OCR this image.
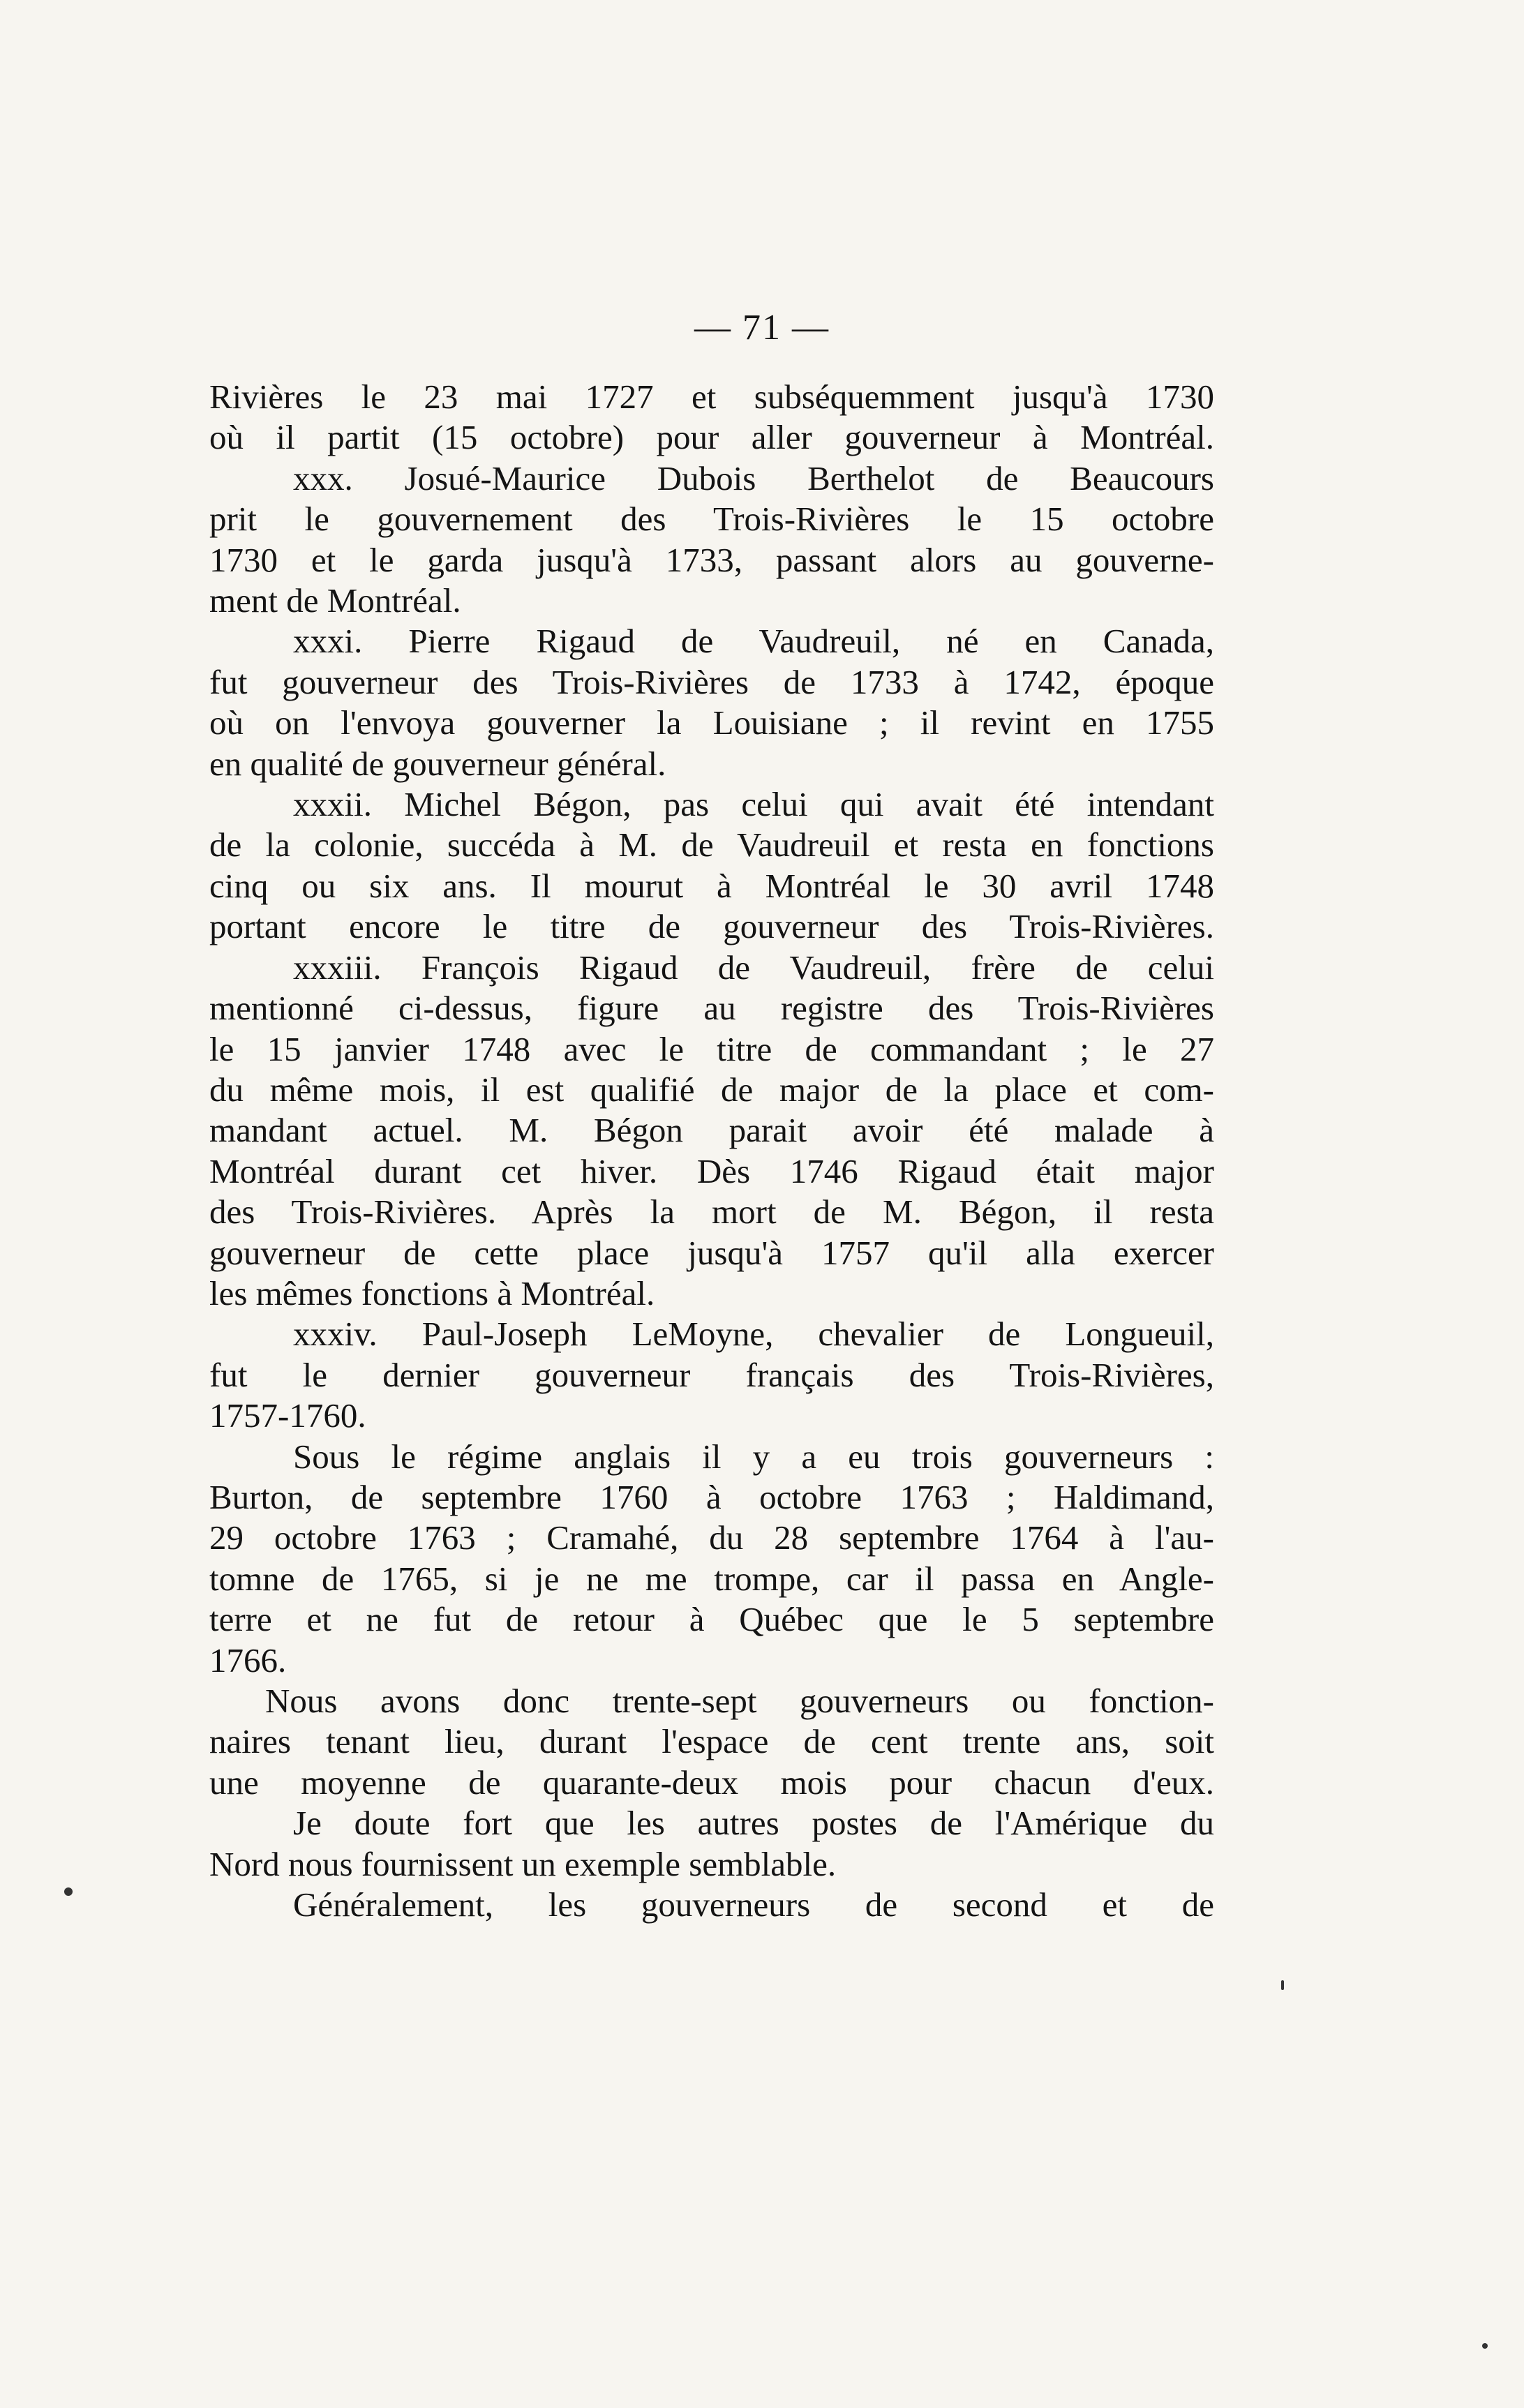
— 71 —
Rivières le 23 mai 1727 et subséquemment jusqu'à 1730
où il partit (15 octobre) pour aller gouverneur à Montréal.
xxx. Josué-Maurice Dubois Berthelot de Beaucours
prit le gouvernement des Trois-Rivières le 15 octobre
1730 et le garda jusqu'à 1733, passant alors au gouverne-
ment de Montréal.
xxxi. Pierre Rigaud de Vaudreuil, né en Canada,
fut gouverneur des Trois-Rivières de 1733 à 1742, époque
où on l'envoya gouverner la Louisiane ; il revint en 1755
en qualité de gouverneur général.
xxxii. Michel Bégon, pas celui qui avait été intendant
de la colonie, succéda à M. de Vaudreuil et resta en fonctions
cinq ou six ans. Il mourut à Montréal le 30 avril 1748
portant encore le titre de gouverneur des Trois-Rivières.
xxxiii. François Rigaud de Vaudreuil, frère de celui
mentionné ci-dessus, figure au registre des Trois-Rivières
le 15 janvier 1748 avec le titre de commandant ; le 27
du même mois, il est qualifié de major de la place et com-
mandant actuel. M. Bégon parait avoir été malade à
Montréal durant cet hiver. Dès 1746 Rigaud était major
des Trois-Rivières. Après la mort de M. Bégon, il resta
gouverneur de cette place jusqu'à 1757 qu'il alla exercer
les mêmes fonctions à Montréal.
xxxiv. Paul-Joseph LeMoyne, chevalier de Longueuil,
fut le dernier gouverneur français des Trois-Rivières,
1757-1760.
Sous le régime anglais il y a eu trois gouverneurs :
Burton, de septembre 1760 à octobre 1763 ; Haldimand,
29 octobre 1763 ; Cramahé, du 28 septembre 1764 à l'au-
tomne de 1765, si je ne me trompe, car il passa en Angle-
terre et ne fut de retour à Québec que le 5 septembre
1766.
Nous avons donc trente-sept gouverneurs ou fonction-
naires tenant lieu, durant l'espace de cent trente ans, soit
une moyenne de quarante-deux mois pour chacun d'eux.
Je doute fort que les autres postes de l'Amérique du
Nord nous fournissent un exemple semblable.
Généralement, les gouverneurs de second et de
